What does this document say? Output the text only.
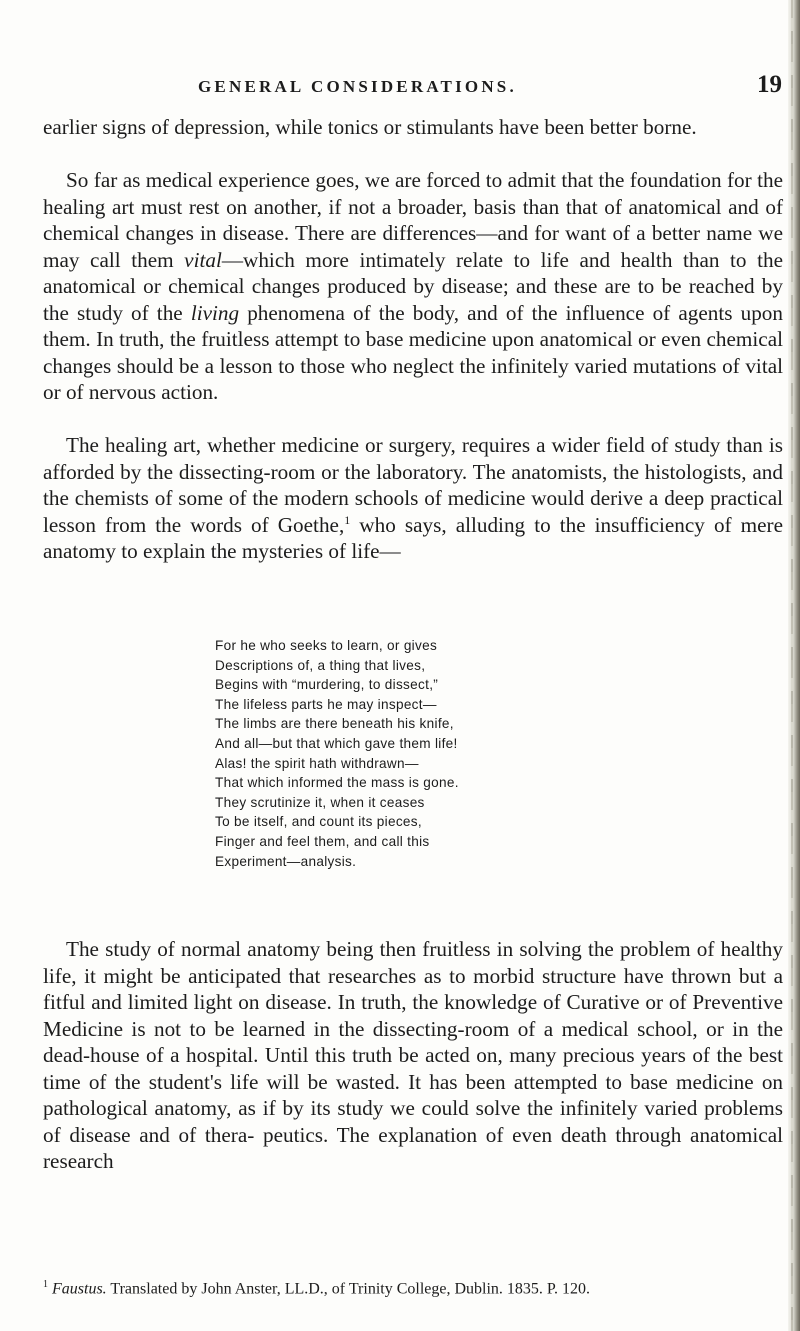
GENERAL CONSIDERATIONS.	19

earlier signs of depression, while tonics or stimulants have been better borne.

So far as medical experience goes, we are forced to admit that the foundation for the healing art must rest on another, if not a broader, basis than that of anatomical and of chemical changes in disease. There are differences—and for want of a better name we may call them vital—which more intimately relate to life and health than to the anatomical or chemical changes produced by disease; and these are to be reached by the study of the living phenomena of the body, and of the influence of agents upon them. In truth, the fruitless attempt to base medicine upon anatomical or even chemical changes should be a lesson to those who neglect the infinitely varied mutations of vital or of nervous action.

The healing art, whether medicine or surgery, requires a wider field of study than is afforded by the dissecting-room or the laboratory. The anatomists, the histologists, and the chemists of some of the modern schools of medicine would derive a deep practical lesson from the words of Goethe,$^1$ who says, alluding to the insufficiency of mere anatomy to explain the mysteries of life—

For he who seeks to learn, or gives
Descriptions of, a thing that lives,
Begins with “murdering, to dissect,”
The lifeless parts he may inspect—
The limbs are there beneath his knife,
And all—but that which gave them life!
Alas! the spirit hath withdrawn—
That which informed the mass is gone.
They scrutinize it, when it ceases
To be itself, and count its pieces,
Finger and feel them, and call this
Experiment—analysis.

The study of normal anatomy being then fruitless in solving the problem of healthy life, it might be anticipated that researches as to morbid structure have thrown but a fitful and limited light on disease. In truth, the knowledge of Curative or of Preventive Medicine is not to be learned in the dissecting-room of a medical school, or in the dead-house of a hospital. Until this truth be acted on, many precious years of the best time of the student's life will be wasted. It has been attempted to base medicine on pathological anatomy, as if by its study we could solve the infinitely varied problems of disease and of thera- peutics. The explanation of even death through anatomical research

$^1$ Faustus. Translated by John Anster, LL.D., of Trinity College, Dublin. 1835. P. 120.
